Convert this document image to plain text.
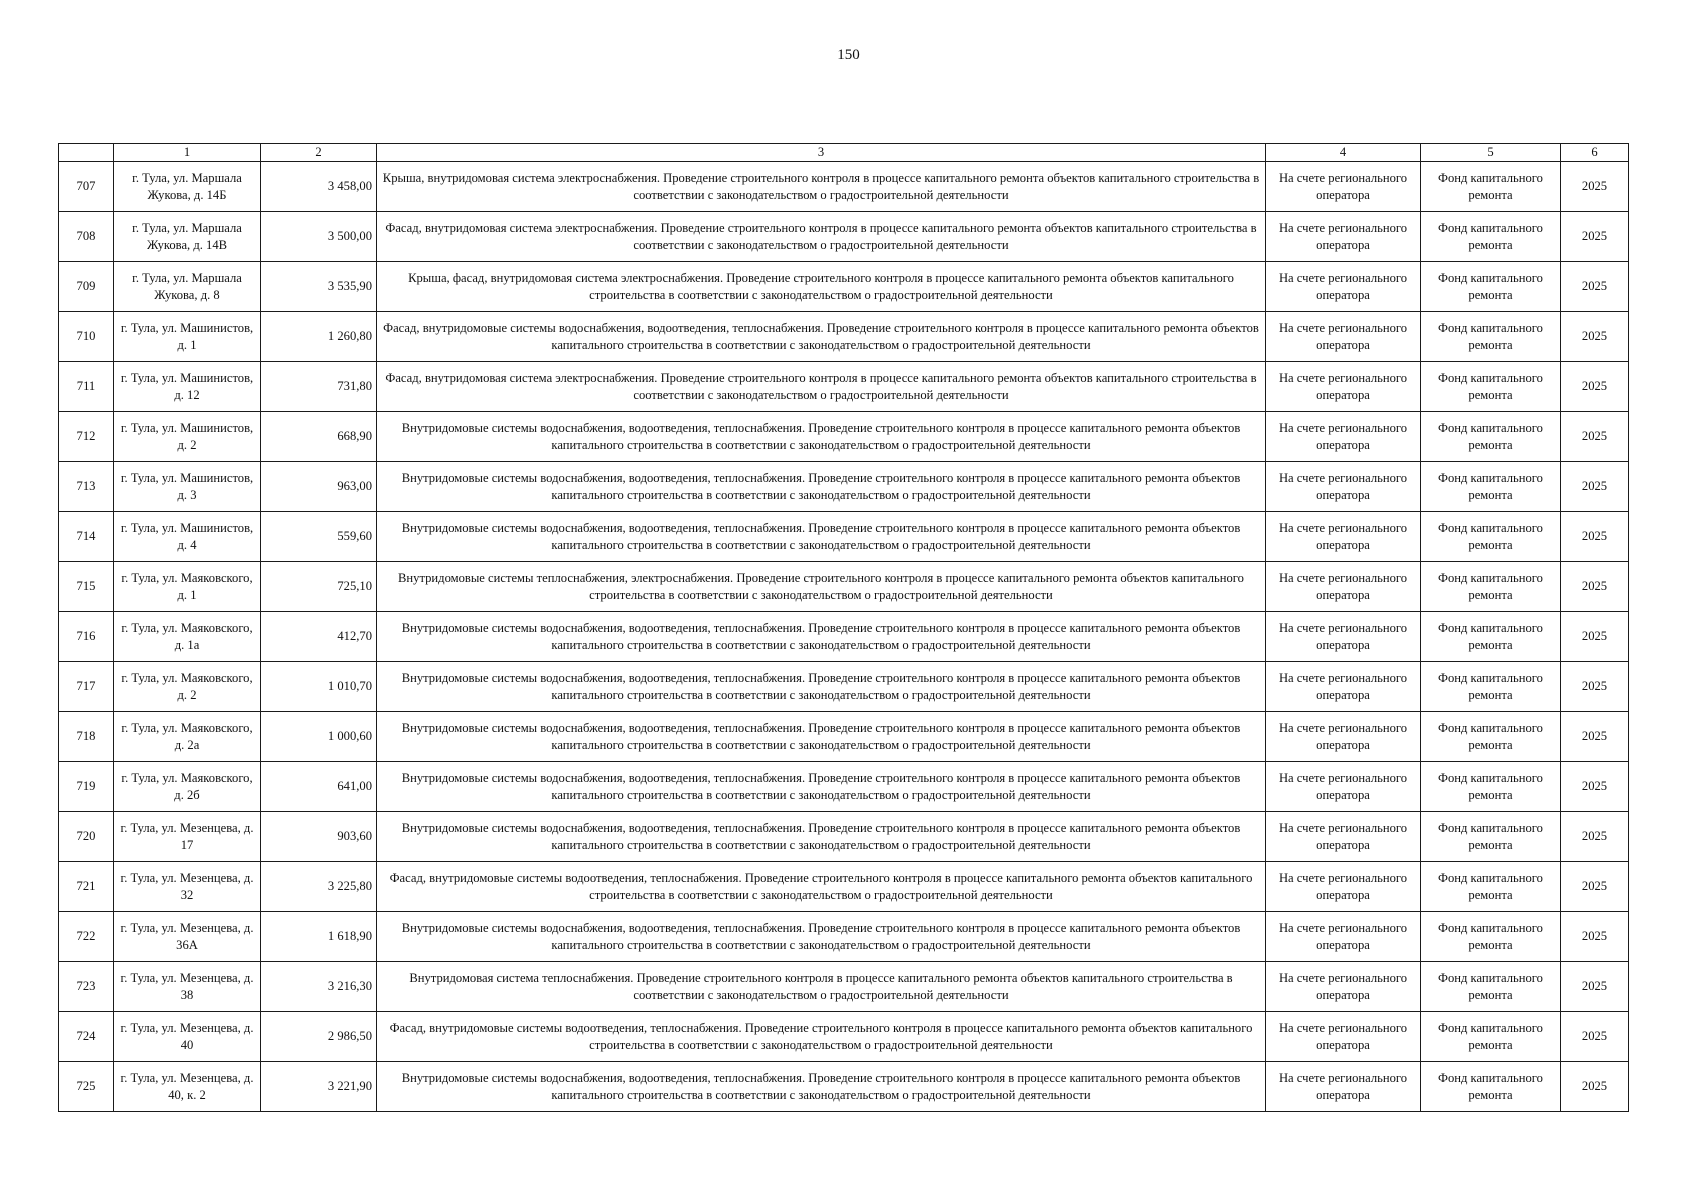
150
	1	2	3	4	5	6
707	г. Тула, ул. Маршала Жукова, д. 14Б	3 458,00	Крыша, внутридомовая система электроснабжения. Проведение строительного контроля в процессе капитального ремонта объектов капитального строительства в соответствии с законодательством о градостроительной деятельности	На счете регионального оператора	Фонд капитального ремонта	2025
708	г. Тула, ул. Маршала Жукова, д. 14В	3 500,00	Фасад, внутридомовая система электроснабжения. Проведение строительного контроля в процессе капитального ремонта объектов капитального строительства в соответствии с законодательством о градостроительной деятельности	На счете регионального оператора	Фонд капитального ремонта	2025
709	г. Тула, ул. Маршала Жукова, д. 8	3 535,90	Крыша, фасад, внутридомовая система электроснабжения. Проведение строительного контроля в процессе капитального ремонта объектов капитального строительства в соответствии с законодательством о градостроительной деятельности	На счете регионального оператора	Фонд капитального ремонта	2025
710	г. Тула, ул. Машинистов, д. 1	1 260,80	Фасад, внутридомовые системы водоснабжения, водоотведения, теплоснабжения. Проведение строительного контроля в процессе капитального ремонта объектов капитального строительства в соответствии с законодательством о градостроительной деятельности	На счете регионального оператора	Фонд капитального ремонта	2025
711	г. Тула, ул. Машинистов, д. 12	731,80	Фасад, внутридомовая система электроснабжения. Проведение строительного контроля в процессе капитального ремонта объектов капитального строительства в соответствии с законодательством о градостроительной деятельности	На счете регионального оператора	Фонд капитального ремонта	2025
712	г. Тула, ул. Машинистов, д. 2	668,90	Внутридомовые системы водоснабжения, водоотведения, теплоснабжения. Проведение строительного контроля в процессе капитального ремонта объектов капитального строительства в соответствии с законодательством о градостроительной деятельности	На счете регионального оператора	Фонд капитального ремонта	2025
713	г. Тула, ул. Машинистов, д. 3	963,00	Внутридомовые системы водоснабжения, водоотведения, теплоснабжения. Проведение строительного контроля в процессе капитального ремонта объектов капитального строительства в соответствии с законодательством о градостроительной деятельности	На счете регионального оператора	Фонд капитального ремонта	2025
714	г. Тула, ул. Машинистов, д. 4	559,60	Внутридомовые системы водоснабжения, водоотведения, теплоснабжения. Проведение строительного контроля в процессе капитального ремонта объектов капитального строительства в соответствии с законодательством о градостроительной деятельности	На счете регионального оператора	Фонд капитального ремонта	2025
715	г. Тула, ул. Маяковского, д. 1	725,10	Внутридомовые системы теплоснабжения, электроснабжения. Проведение строительного контроля в процессе капитального ремонта объектов капитального строительства в соответствии с законодательством о градостроительной деятельности	На счете регионального оператора	Фонд капитального ремонта	2025
716	г. Тула, ул. Маяковского, д. 1а	412,70	Внутридомовые системы водоснабжения, водоотведения, теплоснабжения. Проведение строительного контроля в процессе капитального ремонта объектов капитального строительства в соответствии с законодательством о градостроительной деятельности	На счете регионального оператора	Фонд капитального ремонта	2025
717	г. Тула, ул. Маяковского, д. 2	1 010,70	Внутридомовые системы водоснабжения, водоотведения, теплоснабжения. Проведение строительного контроля в процессе капитального ремонта объектов капитального строительства в соответствии с законодательством о градостроительной деятельности	На счете регионального оператора	Фонд капитального ремонта	2025
718	г. Тула, ул. Маяковского, д. 2а	1 000,60	Внутридомовые системы водоснабжения, водоотведения, теплоснабжения. Проведение строительного контроля в процессе капитального ремонта объектов капитального строительства в соответствии с законодательством о градостроительной деятельности	На счете регионального оператора	Фонд капитального ремонта	2025
719	г. Тула, ул. Маяковского, д. 2б	641,00	Внутридомовые системы водоснабжения, водоотведения, теплоснабжения. Проведение строительного контроля в процессе капитального ремонта объектов капитального строительства в соответствии с законодательством о градостроительной деятельности	На счете регионального оператора	Фонд капитального ремонта	2025
720	г. Тула, ул. Мезенцева, д. 17	903,60	Внутридомовые системы водоснабжения, водоотведения, теплоснабжения. Проведение строительного контроля в процессе капитального ремонта объектов капитального строительства в соответствии с законодательством о градостроительной деятельности	На счете регионального оператора	Фонд капитального ремонта	2025
721	г. Тула, ул. Мезенцева, д. 32	3 225,80	Фасад, внутридомовые системы водоотведения, теплоснабжения. Проведение строительного контроля в процессе капитального ремонта объектов капитального строительства в соответствии с законодательством о градостроительной деятельности	На счете регионального оператора	Фонд капитального ремонта	2025
722	г. Тула, ул. Мезенцева, д. 36А	1 618,90	Внутридомовые системы водоснабжения, водоотведения, теплоснабжения. Проведение строительного контроля в процессе капитального ремонта объектов капитального строительства в соответствии с законодательством о градостроительной деятельности	На счете регионального оператора	Фонд капитального ремонта	2025
723	г. Тула, ул. Мезенцева, д. 38	3 216,30	Внутридомовая система теплоснабжения. Проведение строительного контроля в процессе капитального ремонта объектов капитального строительства в соответствии с законодательством о градостроительной деятельности	На счете регионального оператора	Фонд капитального ремонта	2025
724	г. Тула, ул. Мезенцева, д. 40	2 986,50	Фасад, внутридомовые системы водоотведения, теплоснабжения. Проведение строительного контроля в процессе капитального ремонта объектов капитального строительства в соответствии с законодательством о градостроительной деятельности	На счете регионального оператора	Фонд капитального ремонта	2025
725	г. Тула, ул. Мезенцева, д. 40, к. 2	3 221,90	Внутридомовые системы водоснабжения, водоотведения, теплоснабжения. Проведение строительного контроля в процессе капитального ремонта объектов капитального строительства в соответствии с законодательством о градостроительной деятельности	На счете регионального оператора	Фонд капитального ремонта	2025
